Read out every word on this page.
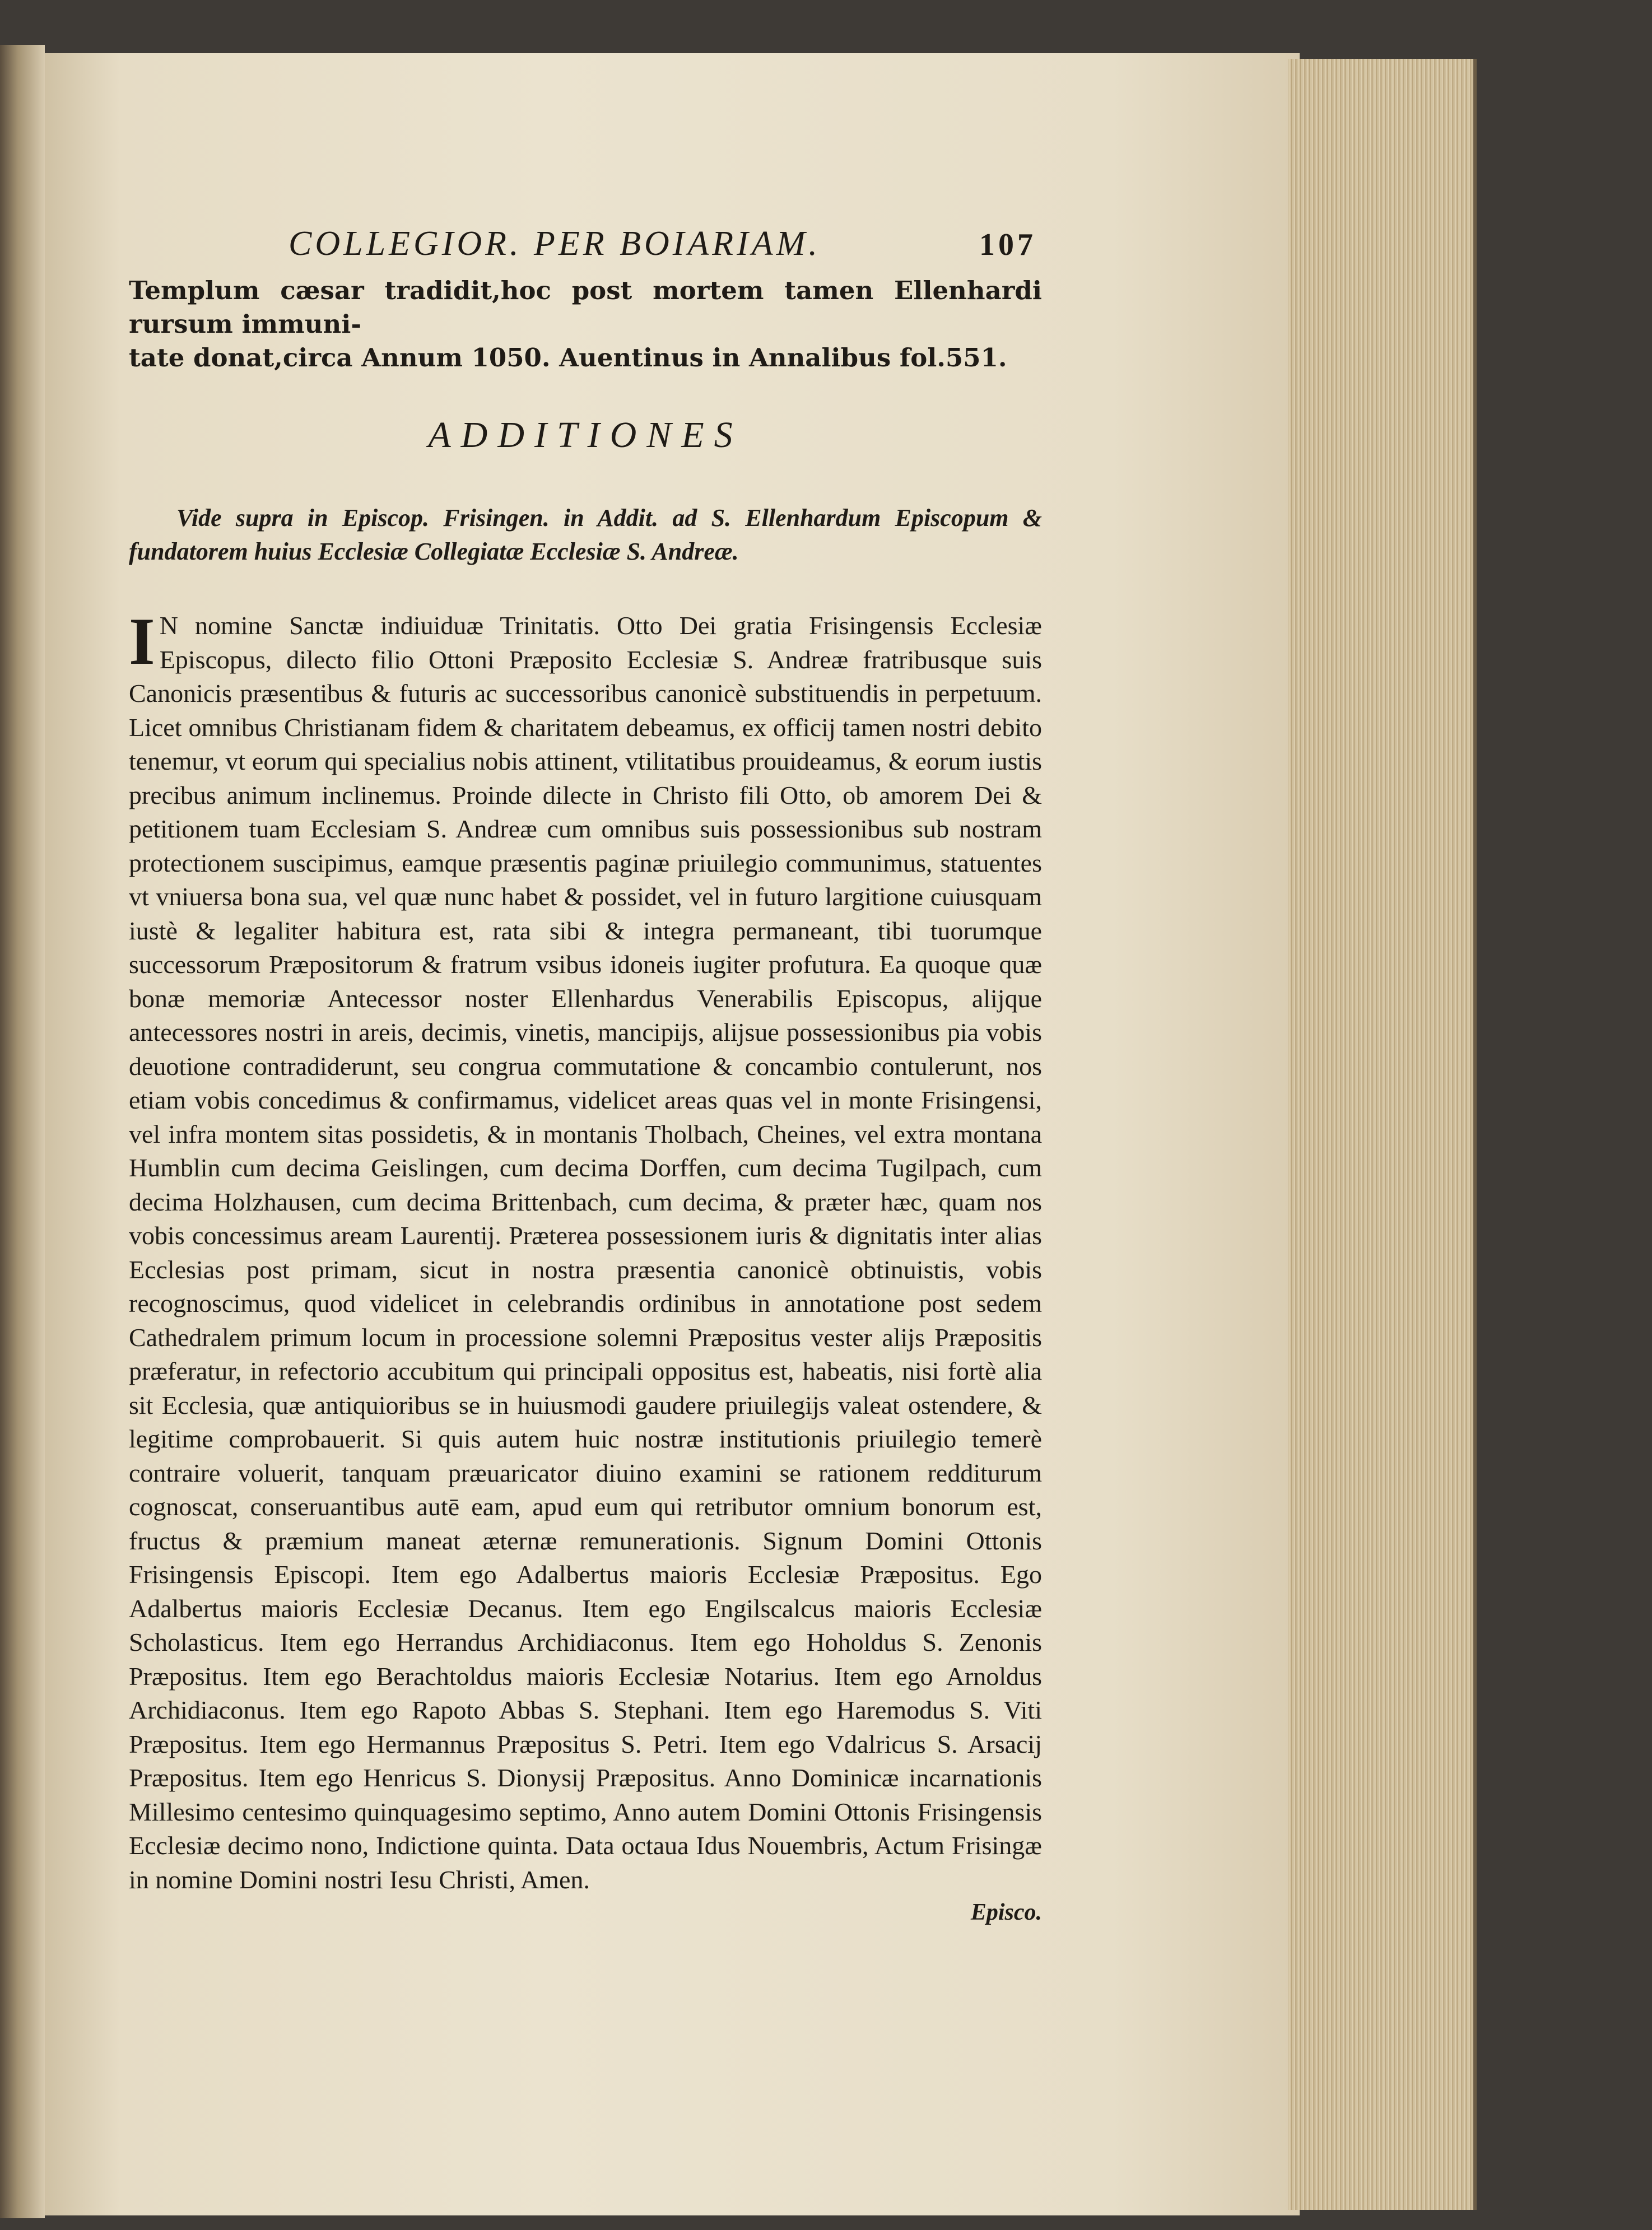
COLLEGIOR. PER BOIARIAM.	107

Templum cæsar tradidit,hoc post mortem tamen Ellenhardi rursum immuni-

tate donat,circa Annum 1050. Auentinus in Annalibus fol.551.

ADDITIONES

Vide supra in Episcop. Frisingen. in Addit. ad S. Ellenhardum Episcopum & fundatorem huius Ecclesiæ Collegiatæ Ecclesiæ S. Andreæ.

I N nomine Sanctæ indiuiduæ Trinitatis. Otto Dei gratia Frisingensis Ecclesiæ Episcopus, dilecto filio Ottoni Præposito Ecclesiæ S. Andreæ fratribusque suis Canonicis præsentibus & futuris ac successoribus canonicè substituendis in perpetuum. Licet omnibus Christianam fidem & charitatem debeamus, ex officij tamen nostri debito tenemur, vt eorum qui specialius nobis attinent, vtilitatibus prouideamus, & eorum iustis precibus animum inclinemus. Proinde dilecte in Christo fili Otto, ob amorem Dei & petitionem tuam Ecclesiam S. Andreæ cum omnibus suis possessionibus sub nostram protectionem suscipimus, eamque præsentis paginæ priuilegio communimus, statuentes vt vniuersa bona sua, vel quæ nunc habet & possidet, vel in futuro largitione cuiusquam iustè & legaliter habitura est, rata sibi & integra permaneant, tibi tuorumque successorum Præpositorum & fratrum vsibus idoneis iugiter profutura. Ea quoque quæ bonæ memoriæ Antecessor noster Ellenhardus Venerabilis Episcopus, alijque antecessores nostri in areis, decimis, vinetis, mancipijs, alijsue possessionibus pia vobis deuotione contradiderunt, seu congrua commutatione & concambio contulerunt, nos etiam vobis concedimus & confirmamus, videlicet areas quas vel in monte Frisingensi, vel infra montem sitas possidetis, & in montanis Tholbach, Cheines, vel extra montana Humblin cum decima Geislingen, cum decima Dorffen, cum decima Tugilpach, cum decima Holzhausen, cum decima Brittenbach, cum decima, & præter hæc, quam nos vobis concessimus aream Laurentij. Præterea possessionem iuris & dignitatis inter alias Ecclesias post primam, sicut in nostra præsentia canonicè obtinuistis, vobis recognoscimus, quod videlicet in celebrandis ordinibus in annotatione post sedem Cathedralem primum locum in processione solemni Præpositus vester alijs Præpositis præferatur, in refectorio accubitum qui principali oppositus est, habeatis, nisi fortè alia sit Ecclesia, quæ antiquioribus se in huiusmodi gaudere priuilegijs valeat ostendere, & legitime comprobauerit. Si quis autem huic nostræ institutionis priuilegio temerè contraire voluerit, tanquam præuaricator diuino examini se rationem redditurum cognoscat, conseruantibus autē eam, apud eum qui retributor omnium bonorum est, fructus & præmium maneat æternæ remunerationis. Signum Domini Ottonis Frisingensis Episcopi. Item ego Adalbertus maioris Ecclesiæ Præpositus. Ego Adalbertus maioris Ecclesiæ Decanus. Item ego Engilscalcus maioris Ecclesiæ Scholasticus. Item ego Herrandus Archidiaconus. Item ego Hoholdus S. Zenonis Præpositus. Item ego Berachtoldus maioris Ecclesiæ Notarius. Item ego Arnoldus Archidiaconus. Item ego Rapoto Abbas S. Stephani. Item ego Haremodus S. Viti Præpositus. Item ego Hermannus Præpositus S. Petri. Item ego Vdalricus S. Arsacij Præpositus. Item ego Henricus S. Dionysij Præpositus. Anno Dominicæ incarnationis Millesimo centesimo quinquagesimo septimo, Anno autem Domini Ottonis Frisingensis Ecclesiæ decimo nono, Indictione quinta. Data octaua Idus Nouembris, Actum Frisingæ in nomine Domini nostri Iesu Christi, Amen.
Episco.
